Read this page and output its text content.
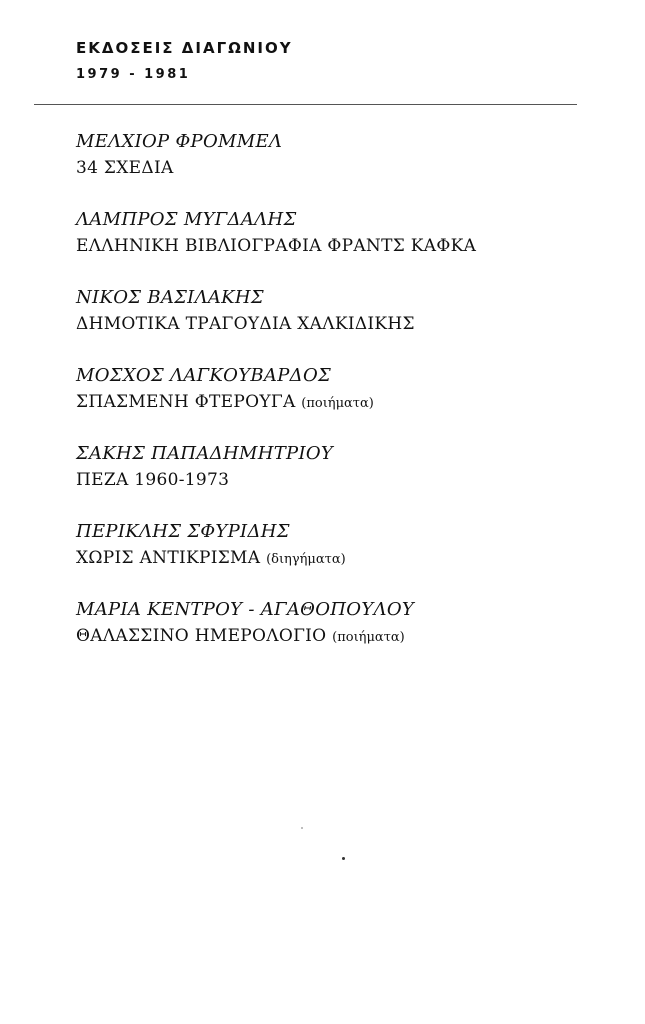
ΕΚΔΟΣΕΙΣ ΔΙΑΓΩΝΙΟΥ
1979 - 1981
ΜΕΛΧΙΟΡ ΦΡΟΜΜΕΛ
34 ΣΧΕΔΙΑ
ΛΑΜΠΡΟΣ ΜΥΓΔΑΛΗΣ
ΕΛΛΗΝΙΚΗ ΒΙΒΛΙΟΓΡΑΦΙΑ ΦΡΑΝΤΣ ΚΑΦΚΑ
ΝΙΚΟΣ ΒΑΣΙΛΑΚΗΣ
ΔΗΜΟΤΙΚΑ ΤΡΑΓΟΥΔΙΑ ΧΑΛΚΙΔΙΚΗΣ
ΜΟΣΧΟΣ ΛΑΓΚΟΥΒΑΡΔΟΣ
ΣΠΑΣΜΕΝΗ ΦΤΕΡΟΥΓΑ (ποιήματα)
ΣΑΚΗΣ ΠΑΠΑΔΗΜΗΤΡΙΟΥ
ΠΕΖΑ 1960-1973
ΠΕΡΙΚΛΗΣ ΣΦΥΡΙΔΗΣ
ΧΩΡΙΣ ΑΝΤΙΚΡΙΣΜΑ (διηγήματα)
ΜΑΡΙΑ ΚΕΝΤΡΟΥ - ΑΓΑΘΟΠΟΥΛΟΥ
ΘΑΛΑΣΣΙΝΟ ΗΜΕΡΟΛΟΓΙΟ (ποιήματα)
